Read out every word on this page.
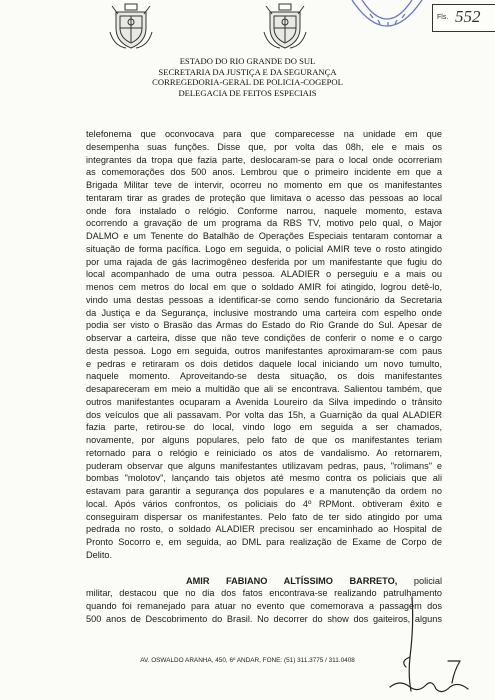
Fls. 552
ESTADO DO RIO GRANDE DO SUL
SECRETARIA DA JUSTIÇA E DA SEGURANÇA
CORREGEDORIA-GERAL DE POLICIA-COGEPOL
DELEGACIA DE FEITOS ESPECIAIS
telefonema que oconvocava para que comparecesse na unidade em que
desempenha suas funções. Disse que, por volta das 08h, ele e mais os
integrantes da tropa que fazia parte, deslocaram-se para o local onde ocorreriam
as comemorações dos 500 anos. Lembrou que o primeiro incidente em que a
Brigada Militar teve de intervir, ocorreu no momento em que os manifestantes
tentaram tirar as grades de proteção que limitava o acesso das pessoas ao local
onde fora instalado o relógio. Conforme narrou, naquele momento, estava
ocorrendo a gravação de um programa da RBS TV, motivo pelo qual, o Major
DALMO e um Tenente do Batalhão de Operações Especiais tentaram contornar a
situação de forma pacífica. Logo em seguida, o policial AMIR teve o rosto atingido
por uma rajada de gás lacrimogêneo desferida por um manifestante que fugiu do
local acompanhado de uma outra pessoa. ALADIER o perseguiu e a mais ou
menos cem metros do local em que o soldado AMIR foi atingido, logrou detê-lo,
vindo uma destas pessoas a identificar-se como sendo funcionário da Secretaria
da Justiça e da Segurança, inclusive mostrando uma carteira com espelho onde
podia ser visto o Brasão das Armas do Estado do Rio Grande do Sul. Apesar de
observar a carteira, disse que não teve condições de conferir o nome e o cargo
desta pessoa. Logo em seguida, outros manifestantes aproximaram-se com paus
e pedras e retiraram os dois detidos daquele local iniciando um novo tumulto,
naquele momento. Aproveitando-se desta situação, os dois manifestantes
desapareceram em meio a multidão que ali se encontrava. Salientou também, que
outros manifestantes ocuparam a Avenida Loureiro da Silva impedindo o trânsito
dos veículos que ali passavam. Por volta das 15h, a Guarnição da qual ALADIER
fazia parte, retirou-se do local, vindo logo em seguida a ser chamados,
novamente, por alguns populares, pelo fato de que os manifestantes teriam
retornado para o relógio e reiniciado os atos de vandalismo. Ao retornarem,
puderam observar que alguns manifestantes utilizavam pedras, paus, "rolimans" e
bombas "molotov", lançando tais objetos até mesmo contra os policiais que ali
estavam para garantir a segurança dos populares e a manutenção da ordem no
local. Após vários confrontos, os policiais do 4º RPMont. obtiveram êxito e
conseguiram dispersar os manifestantes. Pelo fato de ter sido atingido por uma
pedrada no rosto, o soldado ALADIER precisou ser encaminhado ao Hospital de
Pronto Socorro e, em seguida, ao DML para realização de Exame de Corpo de
Delito.
AMIR FABIANO ALTÍSSIMO BARRETO, policial
militar, destacou que no dia dos fatos encontrava-se realizando patrulhamento
quando foi remanejado para atuar no evento que comemorava a passagem dos
500 anos de Descobrimento do Brasil. No decorrer do show dos gaiteiros, alguns
AV. OSWALDO ARANHA, 450, 6º ANDAR, FONE: (51) 311.3775 / 311.0408
